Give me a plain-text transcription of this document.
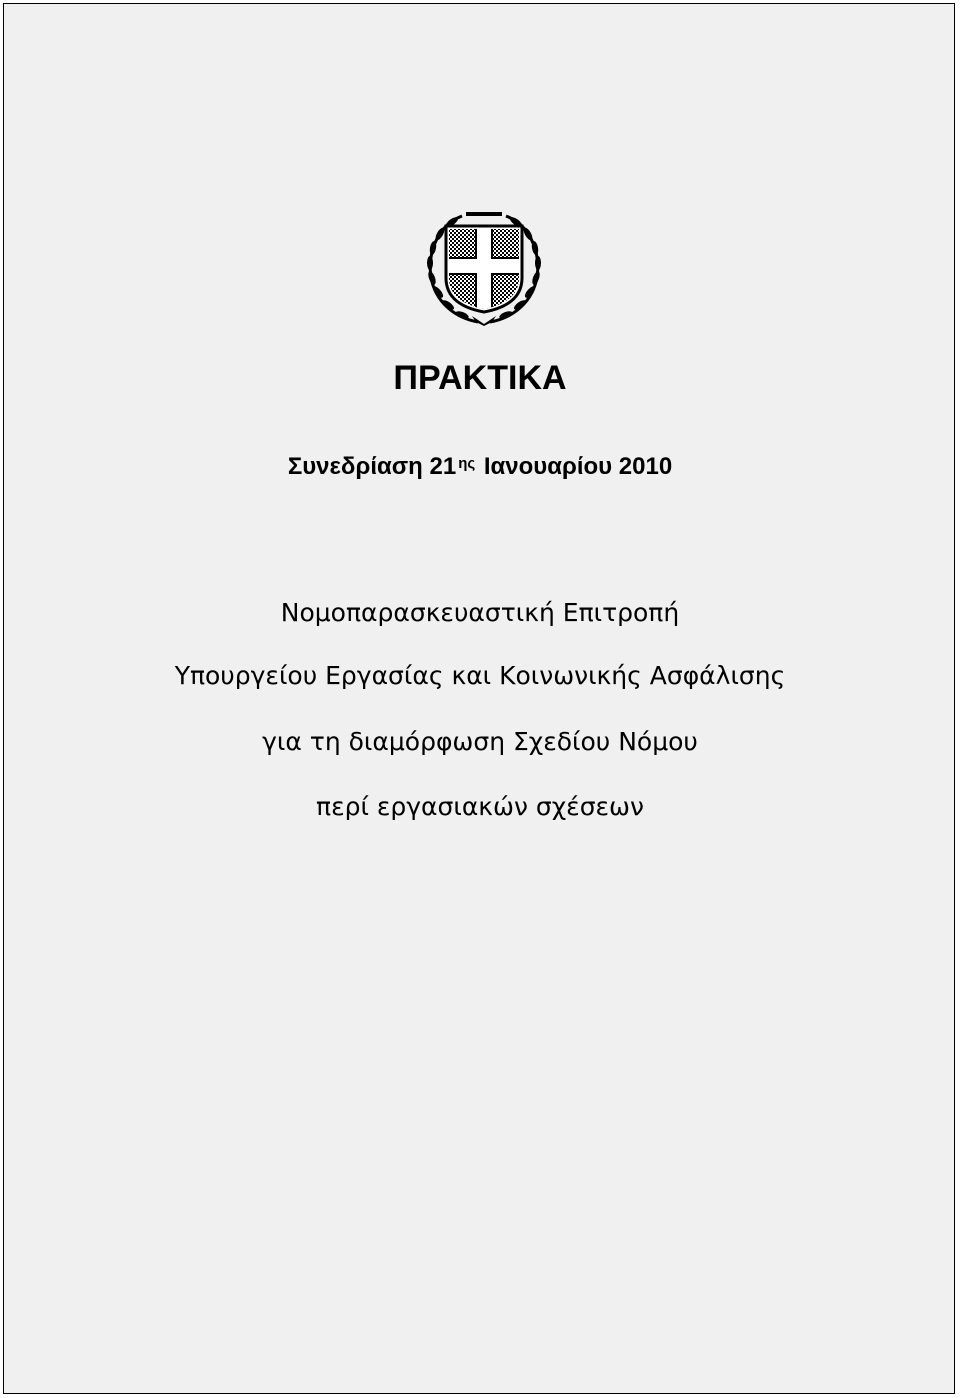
ΠΡΑΚΤΙΚΑ
Συνεδρίαση 21 $^{\eta\varsigma}$ Ιανουαρίου 2010
Νομοπαρασκευαστική Επιτροπή
Υπουργείου Εργασίας και Κοινωνικής Ασφάλισης
για τη διαμόρφωση Σχεδίου Νόμου
περί εργασιακών σχέσεων
